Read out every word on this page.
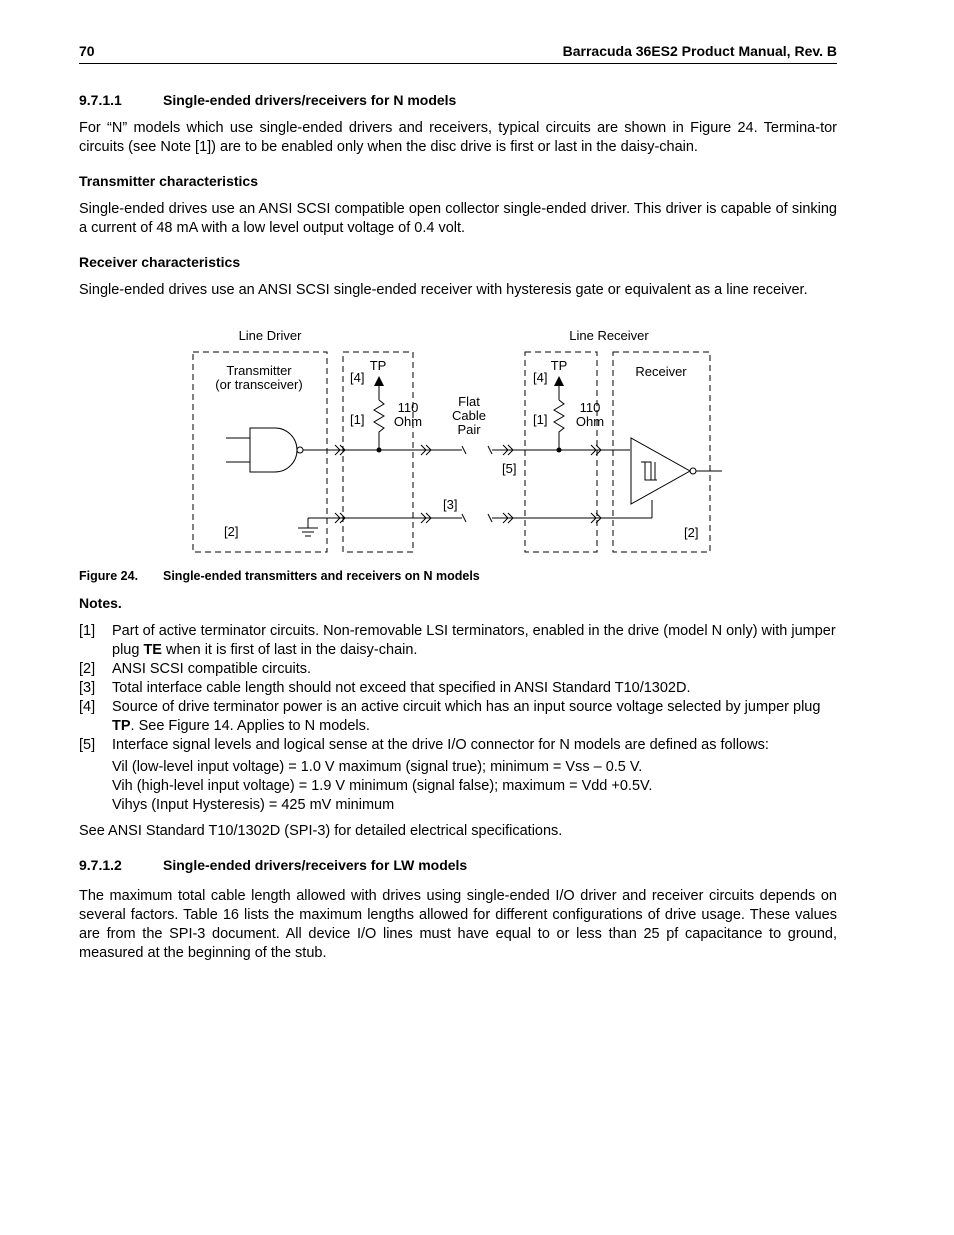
70	Barracuda 36ES2 Product Manual, Rev. B
9.7.1.1	Single-ended drivers/receivers for N models
For “N” models which use single-ended drivers and receivers, typical circuits are shown in Figure 24. Termina-tor circuits (see Note [1]) are to be enabled only when the disc drive is first or last in the daisy-chain.
Transmitter characteristics
Single-ended drives use an ANSI SCSI compatible open collector single-ended driver. This driver is capable of sinking a current of 48 mA with a low level output voltage of 0.4 volt.
Receiver characteristics
Single-ended drives use an ANSI SCSI single-ended receiver with hysteresis gate or equivalent as a line receiver.
Line Driver	Line Receiver
Transmitter
(or transceiver)
Receiver
TP
[4]
[1]
110
Ohm
TP
[4]
[1]
110
Ohm
Flat
Cable
Pair
[5]
[3]
[2]	[2]
Figure 24. Single-ended transmitters and receivers on N models
Notes.
[1]	Part of active terminator circuits. Non-removable LSI terminators, enabled in the drive (model N only) with jumper plug TE when it is first of last in the daisy-chain.
[2]	ANSI SCSI compatible circuits.
[3]	Total interface cable length should not exceed that specified in ANSI Standard T10/1302D.
[4]	Source of drive terminator power is an active circuit which has an input source voltage selected by jumper plug TP. See Figure 14. Applies to N models.
[5]	Interface signal levels and logical sense at the drive I/O connector for N models are defined as follows:
Vil (low-level input voltage) = 1.0 V maximum (signal true); minimum = Vss – 0.5 V.
Vih (high-level input voltage) = 1.9 V minimum (signal false); maximum = Vdd +0.5V.
Vihys (Input Hysteresis) = 425 mV minimum
See ANSI Standard T10/1302D (SPI-3) for detailed electrical specifications.
9.7.1.2	Single-ended drivers/receivers for LW models
The maximum total cable length allowed with drives using single-ended I/O driver and receiver circuits depends on several factors. Table 16 lists the maximum lengths allowed for different configurations of drive usage. These values are from the SPI-3 document. All device I/O lines must have equal to or less than 25 pf capacitance to ground, measured at the beginning of the stub.
